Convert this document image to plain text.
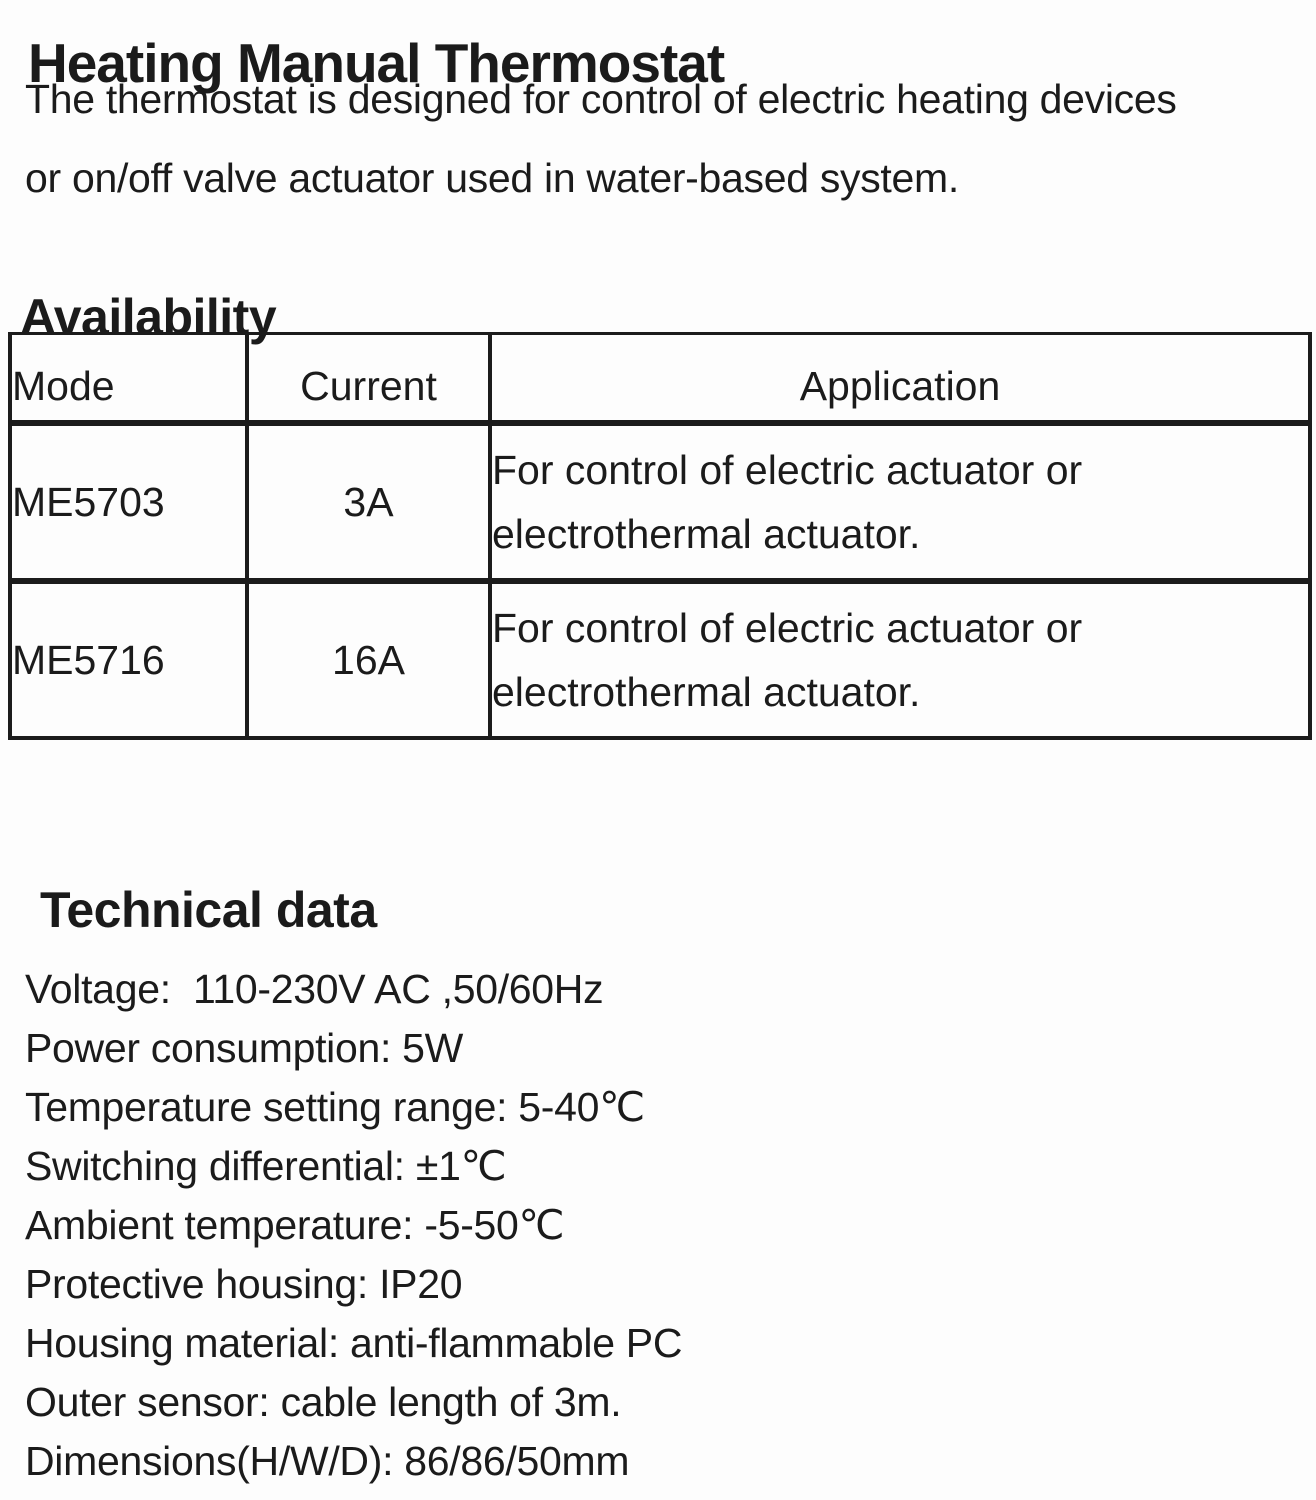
Heating Manual Thermostat
The thermostat is designed for control of electric heating devices
or on/off valve actuator used in water-based system.
Availability
Mode	Current	Application
ME5703	3A	For control of electric actuator or
electrothermal actuator.

ME5716	16A	For control of electric actuator or
electrothermal actuator.
Technical data
Voltage:  110-230V AC ,50/60Hz
Power consumption: 5W
Temperature setting range: 5-40℃
Switching differential: ±1℃
Ambient temperature: -5-50℃
Protective housing: IP20
Housing material: anti-flammable PC
Outer sensor: cable length of 3m.
Dimensions(H/W/D): 86/86/50mm
